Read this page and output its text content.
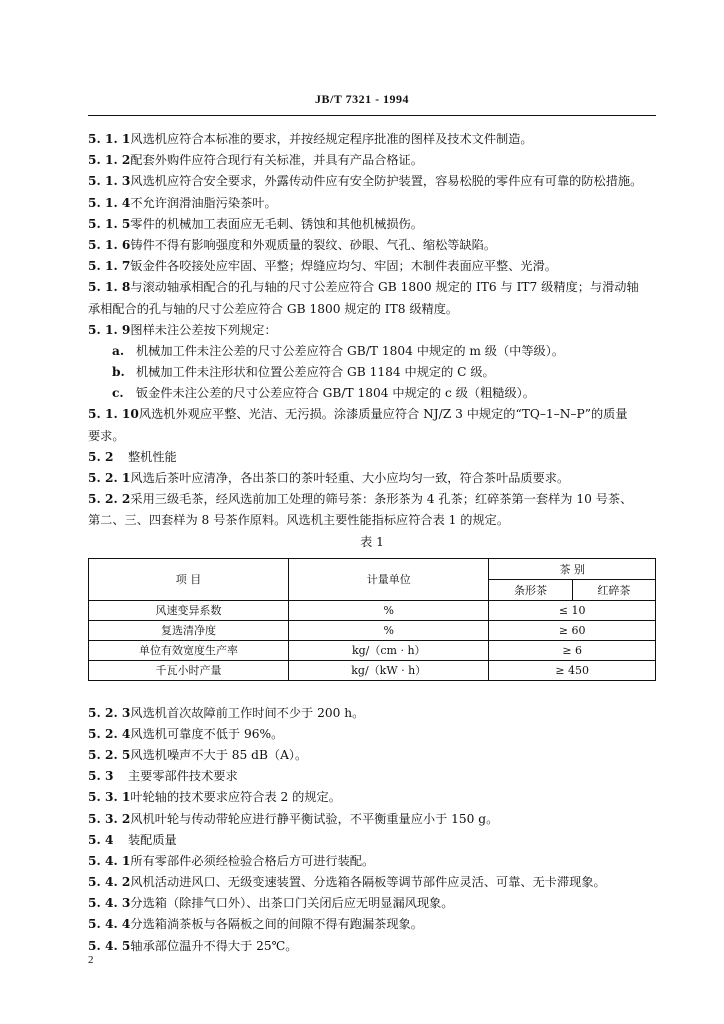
JB/T 7321 - 1994
5. 1. 1风选机应符合本标准的要求，并按经规定程序批准的图样及技术文件制造。
5. 1. 2配套外购件应符合现行有关标准，并具有产品合格证。
5. 1. 3风选机应符合安全要求，外露传动件应有安全防护装置，容易松脱的零件应有可靠的防松措施。
5. 1. 4不允许润滑油脂污染茶叶。
5. 1. 5零件的机械加工表面应无毛刺、锈蚀和其他机械损伤。
5. 1. 6铸件不得有影响强度和外观质量的裂纹、砂眼、气孔、缩松等缺陷。
5. 1. 7钣金件各咬接处应牢固、平整；焊缝应均匀、牢固；木制件表面应平整、光滑。
5. 1. 8与滚动轴承相配合的孔与轴的尺寸公差应符合 GB 1800 规定的 IT6 与 IT7 级精度；与滑动轴
承相配合的孔与轴的尺寸公差应符合 GB 1800 规定的 IT8 级精度。
5. 1. 9图样未注公差按下列规定：
a. 机械加工件未注公差的尺寸公差应符合 GB/T 1804 中规定的 m 级（中等级）。
b. 机械加工件未注形状和位置公差应符合 GB 1184 中规定的 C 级。
c. 钣金件未注公差的尺寸公差应符合 GB/T 1804 中规定的 c 级（粗糙级）。
5. 1. 10风选机外观应平整、光洁、无污损。涂漆质量应符合 NJ/Z 3 中规定的“TQ–1–N–P”的质量
要求。
5. 2 整机性能
5. 2. 1风选后茶叶应清净，各出茶口的茶叶轻重、大小应均匀一致，符合茶叶品质要求。
5. 2. 2采用三级毛茶，经风选前加工处理的筛号茶：条形茶为 4 孔茶；红碎茶第一套样为 10 号茶、
第二、三、四套样为 8 号茶作原料。风选机主要性能指标应符合表 1 的规定。
表 1
项 目	计量单位	茶 别	
		条形茶	红碎茶
风速变异系数	%	≤ 10	
复选清净度	%	≥ 60	
单位有效宽度生产率	kg/（cm · h）	≥ 6	
千瓦小时产量	kg/（kW · h）	≥ 450	
5. 2. 3风选机首次故障前工作时间不少于 200 h。
5. 2. 4风选机可靠度不低于 96%。
5. 2. 5风选机噪声不大于 85 dB（A）。
5. 3 主要零部件技术要求
5. 3. 1叶轮轴的技术要求应符合表 2 的规定。
5. 3. 2风机叶轮与传动带轮应进行静平衡试验，不平衡重量应小于 150 g。
5. 4 装配质量
5. 4. 1所有零部件必须经检验合格后方可进行装配。
5. 4. 2风机活动进风口、无级变速装置、分选箱各隔板等调节部件应灵活、可靠、无卡滞现象。
5. 4. 3分选箱（除排气口外）、出茶口门关闭后应无明显漏风现象。
5. 4. 4分选箱淌茶板与各隔板之间的间隙不得有跑漏茶现象。
5. 4. 5轴承部位温升不得大于 25℃。
2
